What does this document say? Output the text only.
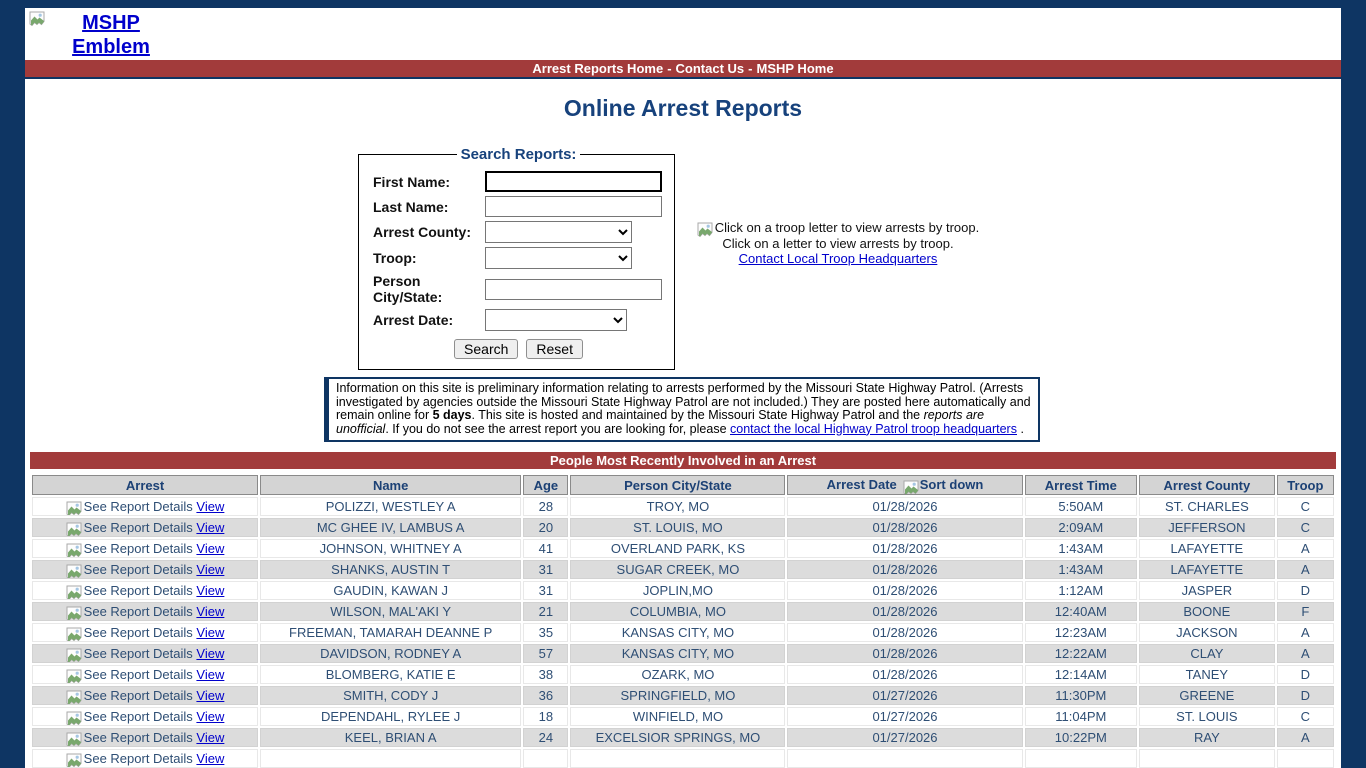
MSHP Emblem
Arrest Reports Home - Contact Us - MSHP Home
Online Arrest Reports
Search Reports:
First Name:
Last Name:
Arrest County:
Troop:
Person City/State:
Arrest Date:
Search	Reset
Click on a troop letter to view arrests by troop.
Click on a letter to view arrests by troop.
Contact Local Troop Headquarters
Information on this site is preliminary information relating to arrests performed by the Missouri State Highway Patrol. (Arrests investigated by agencies outside the Missouri State Highway Patrol are not included.) They are posted here automatically and remain online for 5 days. This site is hosted and maintained by the Missouri State Highway Patrol and the reports are unofficial. If you do not see the arrest report you are looking for, please contact the local Highway Patrol troop headquarters .
People Most Recently Involved in an Arrest
Arrest	Name	Age	Person City/State	Arrest Date Sort down	Arrest Time	Arrest County	Troop
See Report Details View	POLIZZI, WESTLEY A	28	TROY, MO	01/28/2026	5:50AM	ST. CHARLES	C
See Report Details View	MC GHEE IV, LAMBUS A	20	ST. LOUIS, MO	01/28/2026	2:09AM	JEFFERSON	C
See Report Details View	JOHNSON, WHITNEY A	41	OVERLAND PARK, KS	01/28/2026	1:43AM	LAFAYETTE	A
See Report Details View	SHANKS, AUSTIN T	31	SUGAR CREEK, MO	01/28/2026	1:43AM	LAFAYETTE	A
See Report Details View	GAUDIN, KAWAN J	31	JOPLIN,MO	01/28/2026	1:12AM	JASPER	D
See Report Details View	WILSON, MAL'AKI Y	21	COLUMBIA, MO	01/28/2026	12:40AM	BOONE	F
See Report Details View	FREEMAN, TAMARAH DEANNE P	35	KANSAS CITY, MO	01/28/2026	12:23AM	JACKSON	A
See Report Details View	DAVIDSON, RODNEY A	57	KANSAS CITY, MO	01/28/2026	12:22AM	CLAY	A
See Report Details View	BLOMBERG, KATIE E	38	OZARK, MO	01/28/2026	12:14AM	TANEY	D
See Report Details View	SMITH, CODY J	36	SPRINGFIELD, MO	01/27/2026	11:30PM	GREENE	D
See Report Details View	DEPENDAHL, RYLEE J	18	WINFIELD, MO	01/27/2026	11:04PM	ST. LOUIS	C
See Report Details View	KEEL, BRIAN A	24	EXCELSIOR SPRINGS, MO	01/27/2026	10:22PM	RAY	A
See Report Details View							
